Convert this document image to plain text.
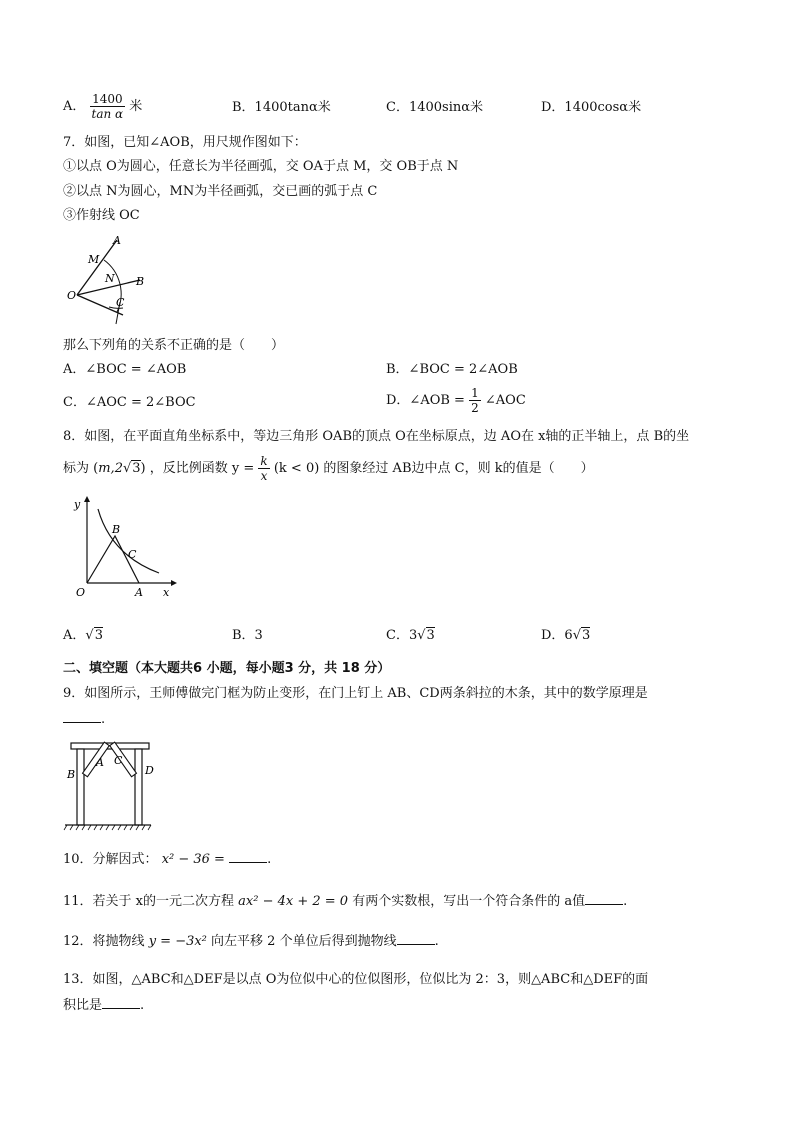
A． $\frac{1400}{\text{tan α}}$ 米	B．1400tanα米	C．1400sinα米	D．1400cosα米
7．如图，已知∠AOB，用尺规作图如下：
①以点 O为圆心，任意长为半径画弧，交 OA于点 M，交 OB于点 N
②以点 N为圆心，MN为半径画弧，交已画的弧于点 C
③作射线 OC
A
M
N B
O
C
那么下列角的关系不正确的是（　　）
A．∠BOC = ∠AOB	B．∠BOC = 2∠AOB
C．∠AOC = 2∠BOC	D．∠AOB = $\frac{1}{2}$ ∠AOC
8．如图，在平面直角坐标系中，等边三角形 OAB的顶点 O在坐标原点，边 AO在 x轴的正半轴上，点 B的坐
标为 (m,2√3) ，反比例函数 $y = \frac{k}{x} (k < 0)$ 的图象经过 AB边中点 C，则 k的值是（　　）
y
B
C
O	A x
A．√3	B．3	C．3√3	D．6√3
二、填空题（本大题共6 小题，每小题3 分，共 18 分）
9．如图所示，王师傅做完门框为防止变形，在门上钉上 AB、CD两条斜拉的木条，其中的数学原理是
.
B
A C
D
10．分解因式： x² − 36 =	.
11．若关于 x的一元二次方程 ax² − 4x + 2 = 0 有两个实数根，写出一个符合条件的 a值	.
12．将抛物线 y = −3x² 向左平移 2 个单位后得到抛物线	.
13．如图，△ABC和△DEF是以点 O为位似中心的位似图形，位似比为 2：3，则△ABC和△DEF的面
积比是	.
